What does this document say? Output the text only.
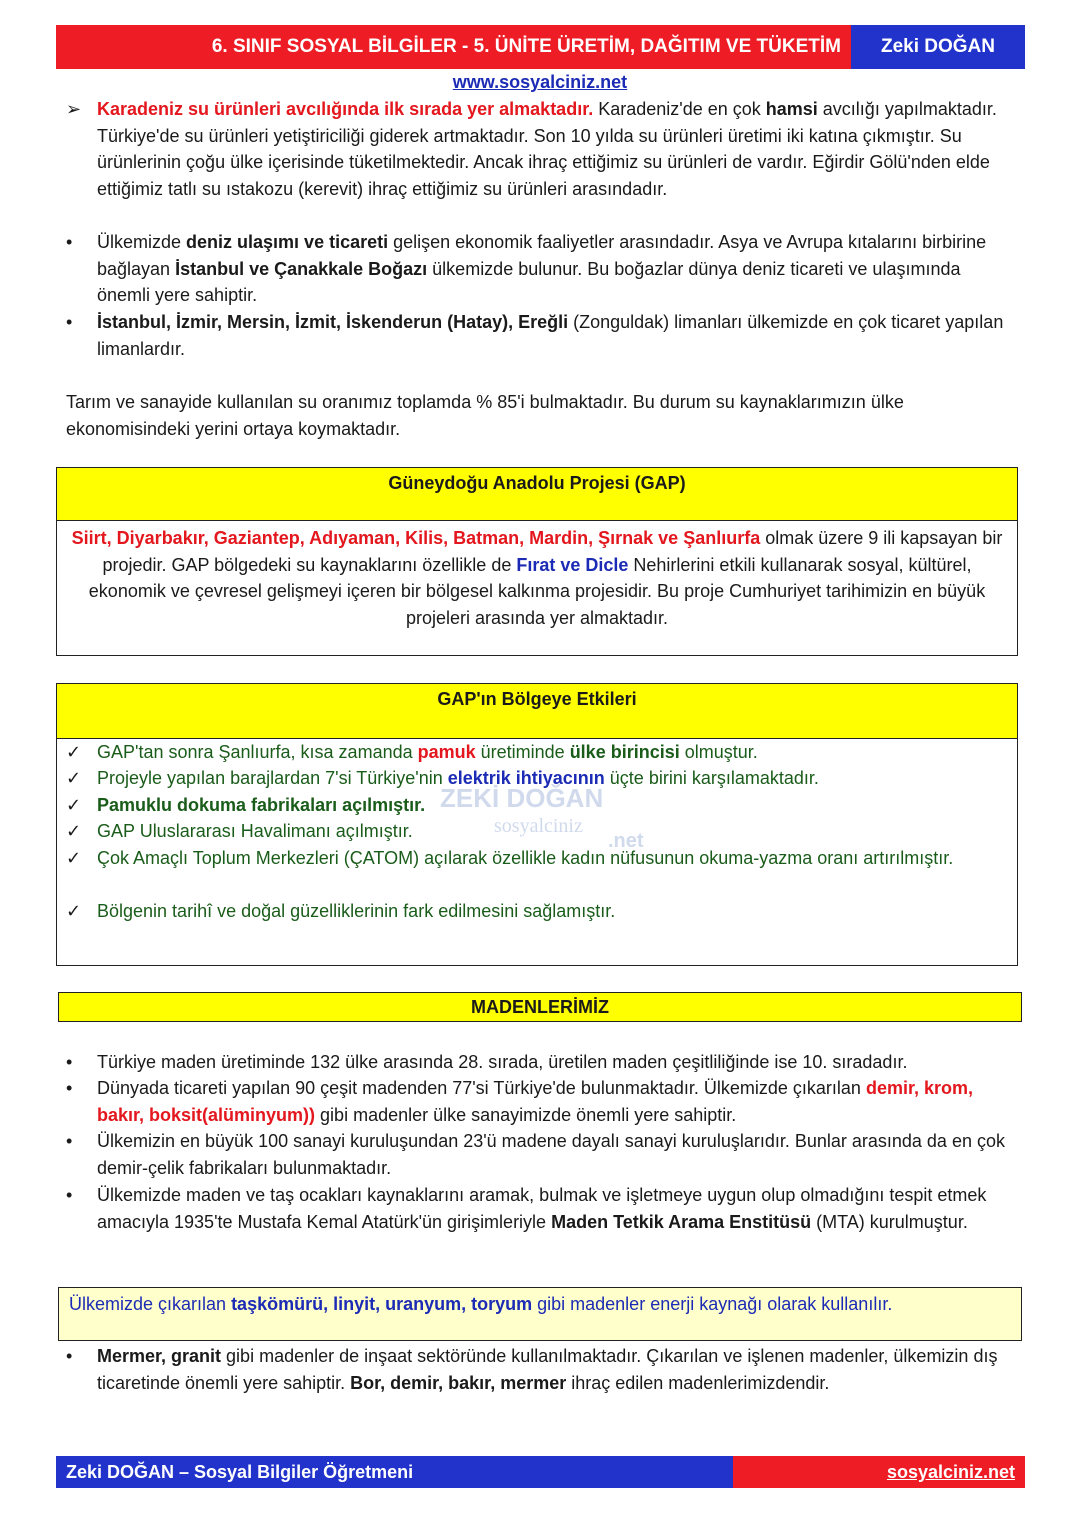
6. SINIF SOSYAL BİLGİLER - 5. ÜNİTE ÜRETİM, DAĞITIM VE TÜKETİM	Zeki DOĞAN
www.sosyalciniz.net
➢ Karadeniz su ürünleri avcılığında ilk sırada yer almaktadır. Karadeniz'de en çok hamsi avcılığı yapılmaktadır. Türkiye'de su ürünleri yetiştiriciliği giderek artmaktadır. Son 10 yılda su ürünleri üretimi iki katına çıkmıştır. Su ürünlerinin çoğu ülke içerisinde tüketilmektedir. Ancak ihraç ettiğimiz su ürünleri de vardır. Eğirdir Gölü'nden elde ettiğimiz tatlı su ıstakozu (kerevit) ihraç ettiğimiz su ürünleri arasındadır.
• Ülkemizde deniz ulaşımı ve ticareti gelişen ekonomik faaliyetler arasındadır. Asya ve Avrupa kıtalarını birbirine bağlayan İstanbul ve Çanakkale Boğazı ülkemizde bulunur. Bu boğazlar dünya deniz ticareti ve ulaşımında önemli yere sahiptir.
• İstanbul, İzmir, Mersin, İzmit, İskenderun (Hatay), Ereğli (Zonguldak) limanları ülkemizde en çok ticaret yapılan limanlardır.
Tarım ve sanayide kullanılan su oranımız toplamda % 85'i bulmaktadır. Bu durum su kaynaklarımızın ülke ekonomisindeki yerini ortaya koymaktadır.
Güneydoğu Anadolu Projesi (GAP)
Siirt, Diyarbakır, Gaziantep, Adıyaman, Kilis, Batman, Mardin, Şırnak ve Şanlıurfa olmak üzere 9 ili kapsayan bir projedir. GAP bölgedeki su kaynaklarını özellikle de Fırat ve Dicle Nehirlerini etkili kullanarak sosyal, kültürel, ekonomik ve çevresel gelişmeyi içeren bir bölgesel kalkınma projesidir. Bu proje Cumhuriyet tarihimizin en büyük projeleri arasında yer almaktadır.
GAP'ın Bölgeye Etkileri
ZEKİ DOĞAN
sosyalciniz
.net
✓ GAP'tan sonra Şanlıurfa, kısa zamanda pamuk üretiminde ülke birincisi olmuştur.
✓ Projeyle yapılan barajlardan 7'si Türkiye'nin elektrik ihtiyacının üçte birini karşılamaktadır.
✓ Pamuklu dokuma fabrikaları açılmıştır.
✓ GAP Uluslararası Havalimanı açılmıştır.
✓ Çok Amaçlı Toplum Merkezleri (ÇATOM) açılarak özellikle kadın nüfusunun okuma-yazma oranı artırılmıştır.
✓ Bölgenin tarihî ve doğal güzelliklerinin fark edilmesini sağlamıştır.
MADENLERİMİZ
• Türkiye maden üretiminde 132 ülke arasında 28. sırada, üretilen maden çeşitliliğinde ise 10. sıradadır.
• Dünyada ticareti yapılan 90 çeşit madenden 77'si Türkiye'de bulunmaktadır. Ülkemizde çıkarılan demir, krom, bakır, boksit(alüminyum)) gibi madenler ülke sanayimizde önemli yere sahiptir.
• Ülkemizin en büyük 100 sanayi kuruluşundan 23'ü madene dayalı sanayi kuruluşlarıdır. Bunlar arasında da en çok demir-çelik fabrikaları bulunmaktadır.
• Ülkemizde maden ve taş ocakları kaynaklarını aramak, bulmak ve işletmeye uygun olup olmadığını tespit etmek amacıyla 1935'te Mustafa Kemal Atatürk'ün girişimleriyle Maden Tetkik Arama Enstitüsü (MTA) kurulmuştur.
Ülkemizde çıkarılan taşkömürü, linyit, uranyum, toryum gibi madenler enerji kaynağı olarak kullanılır.
• Mermer, granit gibi madenler de inşaat sektöründe kullanılmaktadır. Çıkarılan ve işlenen madenler, ülkemizin dış ticaretinde önemli yere sahiptir. Bor, demir, bakır, mermer ihraç edilen madenlerimizdendir.
Zeki DOĞAN – Sosyal Bilgiler Öğretmeni	sosyalciniz.net
